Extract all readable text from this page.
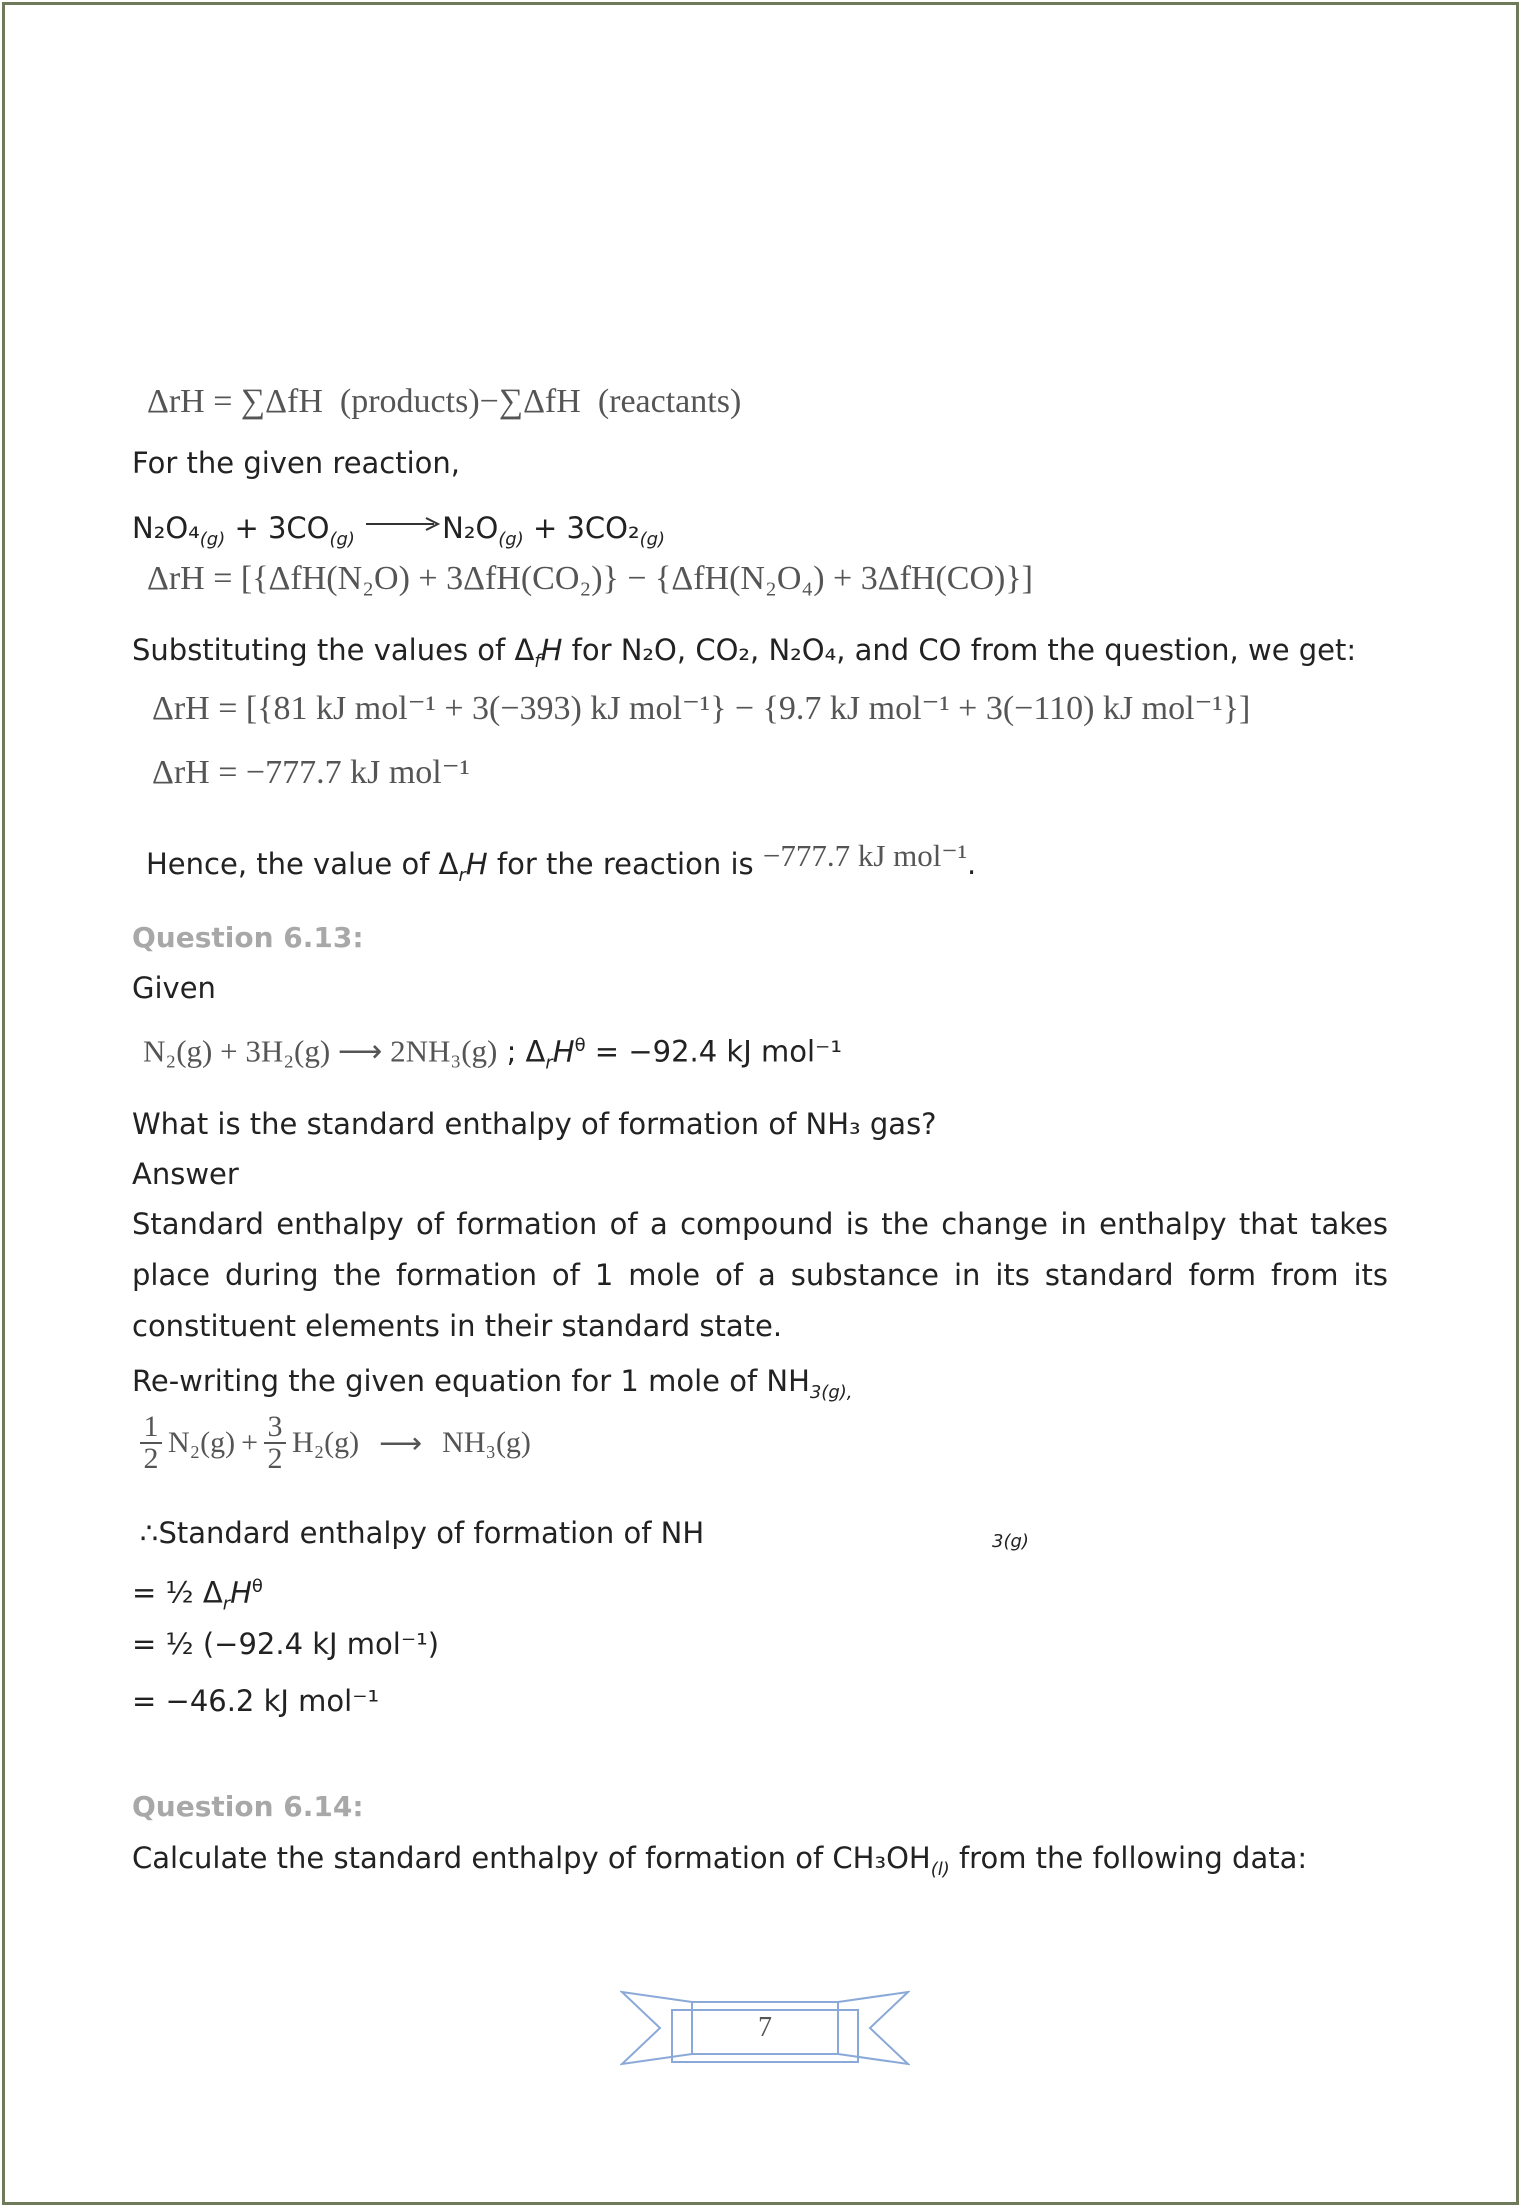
ΔrH = ∑ΔfH (products)−∑ΔfH (reactants)
For the given reaction,
$N_2O_4_{(g)} + 3CO_{(g)} \to N_2O_{(g)} + 3CO_2_{(g)}$
ΔrH = [{ΔfH(N₂O) + 3ΔfH(CO₂)} − {ΔfH(N₂O₄) + 3ΔfH(CO)}]
Substituting the values of $\Delta_fH$ for N₂O, CO₂, N₂O₄, and CO from the question, we get:
ΔrH = [{81 kJ mol⁻¹ + 3(−393) kJ mol⁻¹} − {9.7 kJ mol⁻¹ + 3(−110) kJ mol⁻¹}]
ΔrH = −777.7 kJ mol⁻¹
Hence, the value of $\Delta_rH$ for the reaction is −777.7 kJ mol⁻¹.
Question 6.13:
Given
N₂(g) + 3H₂(g) ⟶ 2NH₃(g) ; $\Delta_rH^\theta = -92.4$ kJ mol⁻¹
What is the standard enthalpy of formation of NH₃ gas?
Answer
Standard enthalpy of formation of a compound is the change in enthalpy that takes place during the formation of 1 mole of a substance in its standard form from its constituent elements in their standard state.
Re-writing the given equation for 1 mole of $NH_{3(g),}$
1
2 N₂(g) + 3
2 H₂(g) ⟶ NH₃(g)
∴Standard enthalpy of formation of NH	3(g)
= ½ $\Delta_rH^\theta$
= ½ (−92.4 kJ mol⁻¹)
= −46.2 kJ mol⁻¹
Question 6.14:
Calculate the standard enthalpy of formation of $CH_3OH_{(l)}$ from the following data:
7
